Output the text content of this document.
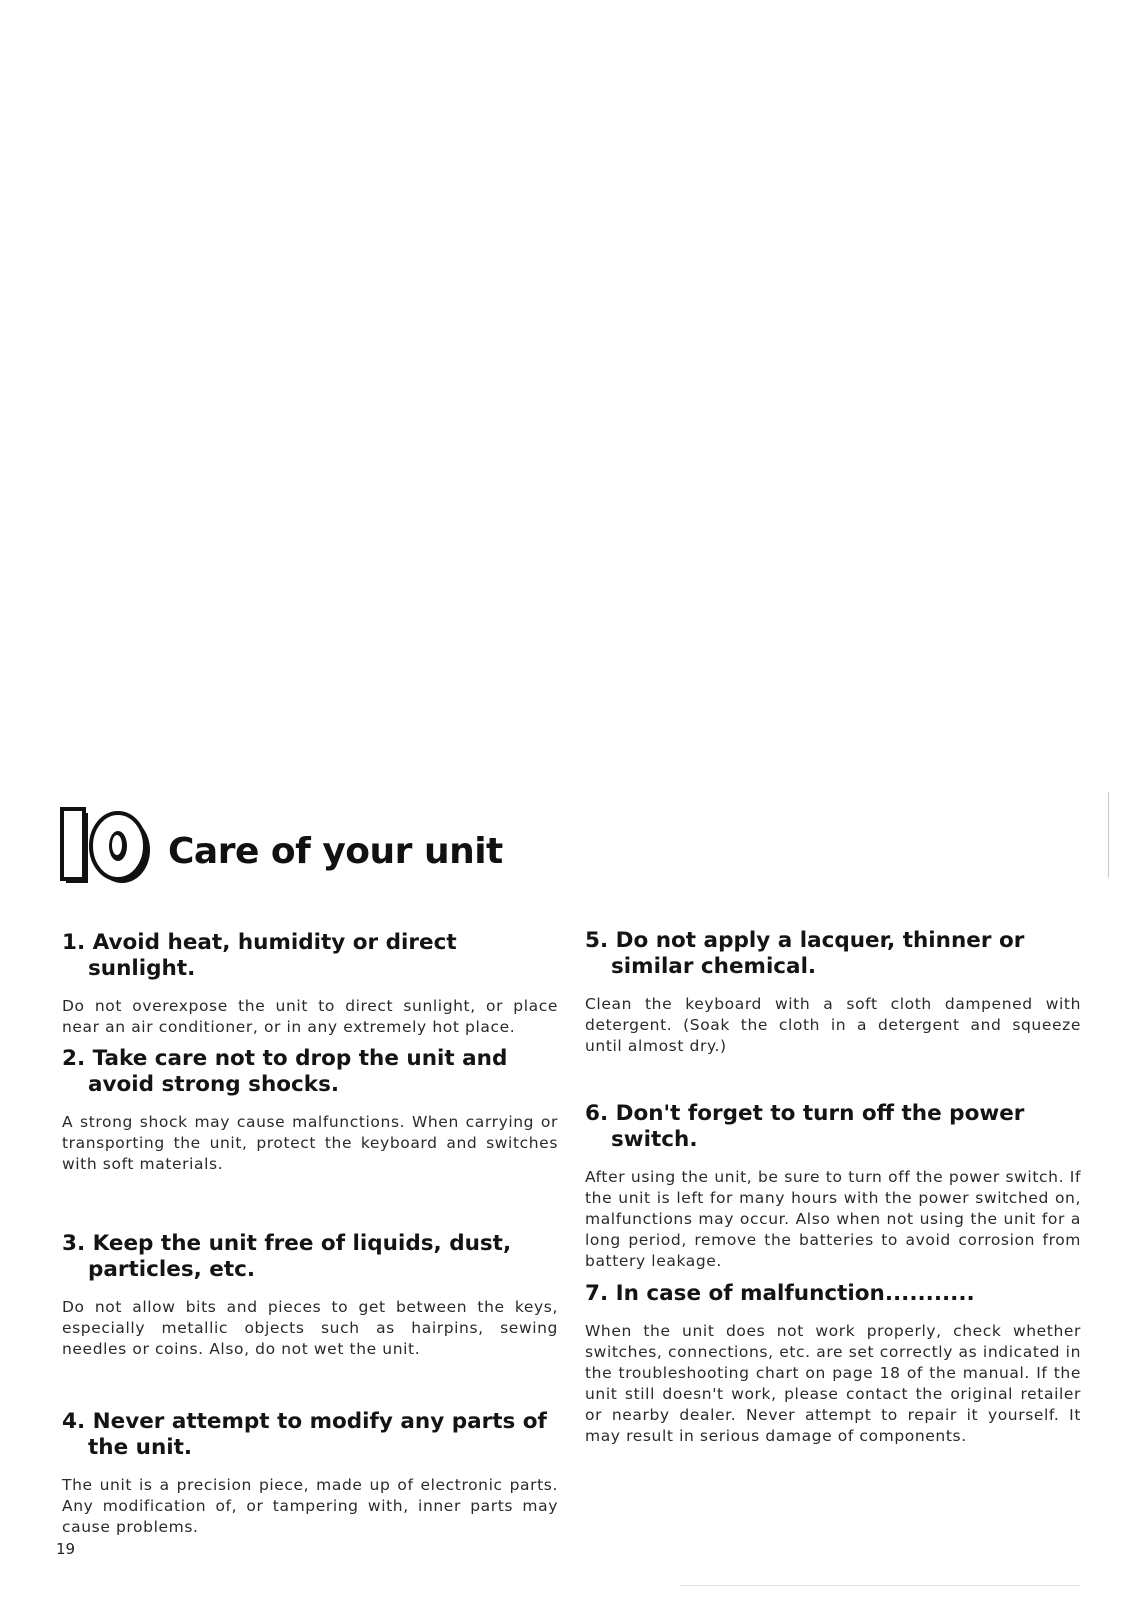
Care of your unit
1. Avoid heat, humidity or direct sunlight.

Do not overexpose the unit to direct sunlight, or place near an air conditioner, or in any extremely hot place.

2. Take care not to drop the unit and avoid strong shocks.

A strong shock may cause malfunctions. When carrying or transporting the unit, protect the keyboard and switches with soft materials.

3. Keep the unit free of liquids, dust, particles, etc.

Do not allow bits and pieces to get between the keys, especially metallic objects such as hairpins, sewing needles or coins. Also, do not wet the unit.

4. Never attempt to modify any parts of the unit.

The unit is a precision piece, made up of electronic parts. Any modification of, or tampering with, inner parts may cause problems.

5. Do not apply a lacquer, thinner or similar chemical.

Clean the keyboard with a soft cloth dampened with detergent. (Soak the cloth in a detergent and squeeze until almost dry.)

6. Don't forget to turn off the power switch.

After using the unit, be sure to turn off the power switch. If the unit is left for many hours with the power switched on, malfunctions may occur. Also when not using the unit for a long period, remove the batteries to avoid corrosion from battery leakage.

7. In case of malfunction...........

When the unit does not work properly, check whether switches, connections, etc. are set correctly as indicated in the troubleshooting chart on page 18 of the manual. If the unit still doesn't work, please contact the original retailer or nearby dealer. Never attempt to repair it yourself. It may result in serious damage of components.

19
